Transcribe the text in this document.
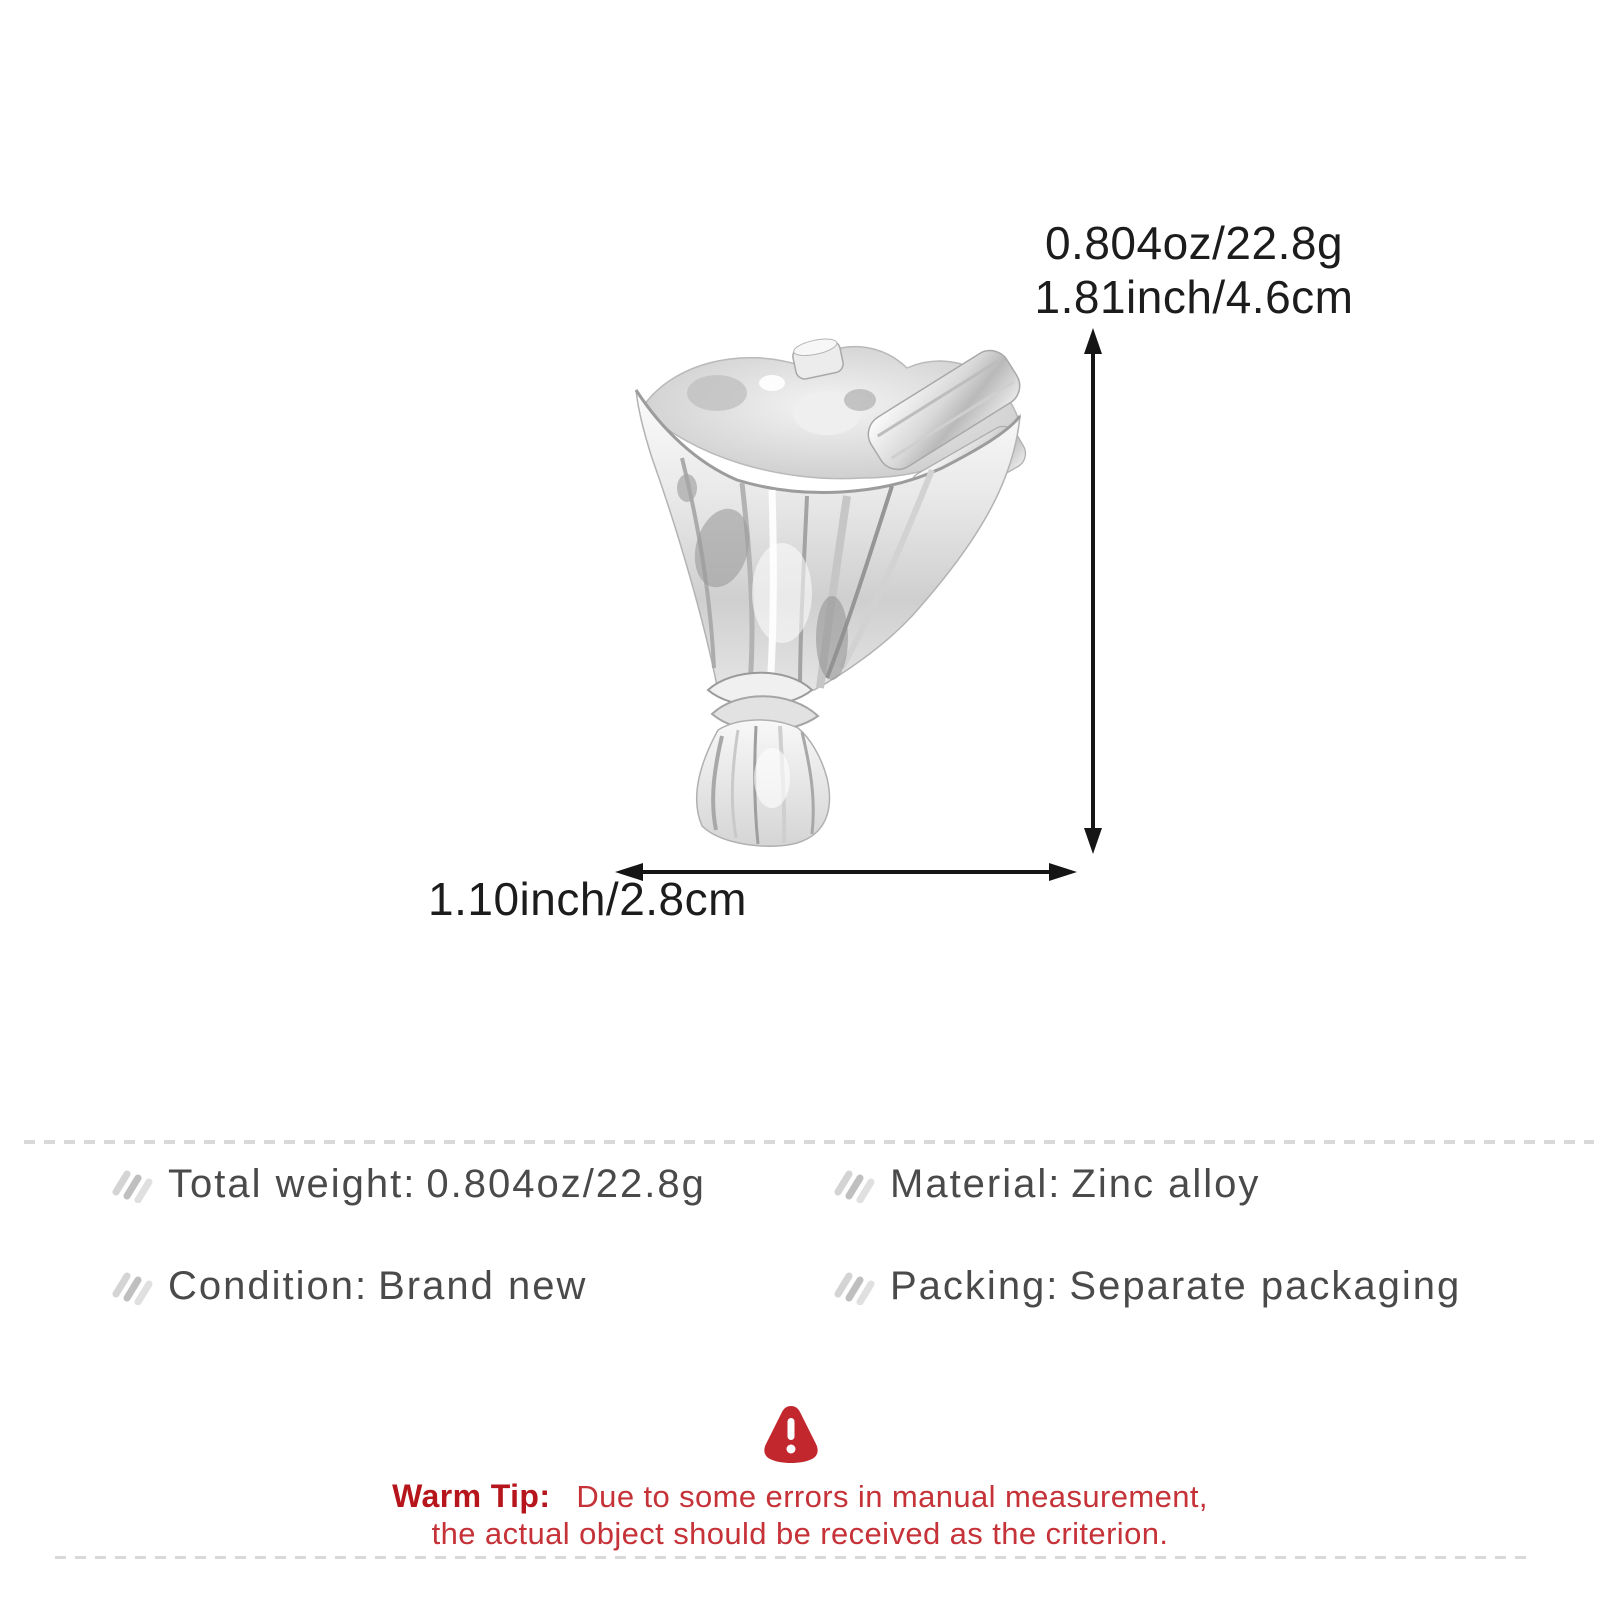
0.804oz/22.8g
1.81inch/4.6cm
1.10inch/2.8cm
Total weight: 0.804oz/22.8g	Material: Zinc alloy
Condition: Brand new	Packing: Separate packaging
Warm Tip: Due to some errors in manual measurement,
the actual object should be received as the criterion.
